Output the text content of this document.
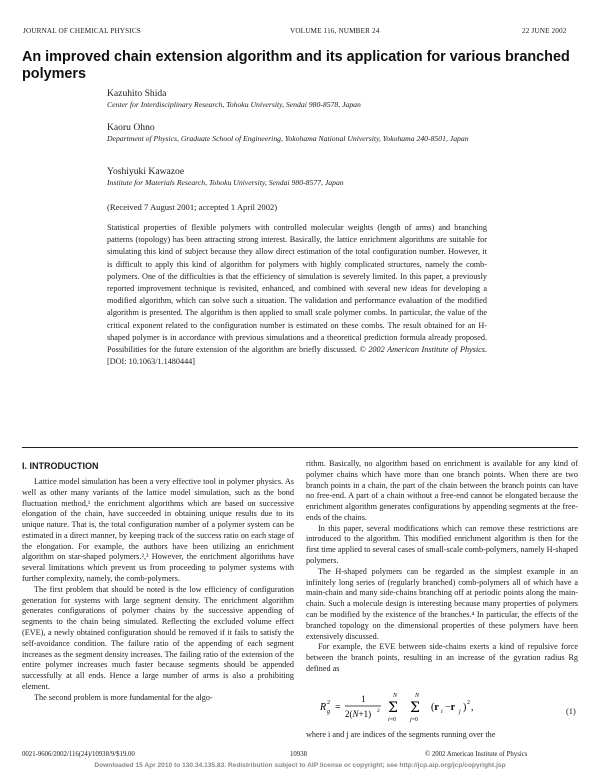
JOURNAL OF CHEMICAL PHYSICS	VOLUME 116, NUMBER 24	22 JUNE 2002
An improved chain extension algorithm and its application for various branched polymers
Kazuhito Shida
Center for Interdisciplinary Research, Tohoku University, Sendai 980-8578, Japan
Kaoru Ohno
Department of Physics, Graduate School of Engineering, Yokohama National University, Yokohama 240-8501, Japan
Yoshiyuki Kawazoe
Institute for Materials Research, Tohoku University, Sendai 980-8577, Japan
(Received 7 August 2001; accepted 1 April 2002)
Statistical properties of flexible polymers with controlled molecular weights (length of arms) and branching patterns (topology) has been attracting strong interest. Basically, the lattice enrichment algorithms are suitable for simulating this kind of subject because they allow direct estimation of the total configuration number. However, it is difficult to apply this kind of algorithm for polymers with highly complicated structures, namely the comb-polymers. One of the difficulties is that the efficiency of simulation is severely limited. In this paper, a previously reported improvement technique is revisited, enhanced, and combined with several new ideas for developing a modified algorithm, which can solve such a situation. The validation and performance evaluation of the modified algorithm is presented. The algorithm is then applied to small scale polymer combs. In particular, the value of the critical exponent related to the configuration number is estimated on these combs. The result obtained for an H-shaped polymer is in accordance with previous simulations and a theoretical prediction formula already proposed. Possibilities for the future extension of the algorithm are briefly discussed. © 2002 American Institute of Physics. [DOI: 10.1063/1.1480444]
I. INTRODUCTION

Lattice model simulation has been a very effective tool in polymer physics. As well as other many variants of the lattice model simulation, such as the bond fluctuation method,¹ the enrichment algorithms which are based on successive elongation of the chain, have succeeded in obtaining unique results due to its unique nature. That is, the total configuration number of a polymer system can be estimated in a direct manner, by keeping track of the success ratio on each stage of the elongation. For example, the authors have been utilizing an enrichment algorithm on star-shaped polymers.²,³ However, the enrichment algorithms have several limitations which prevent us from proceeding to polymer systems with further complexity, namely, the comb-polymers.

The first problem that should be noted is the low efficiency of configuration generation for systems with large segment density. The enrichment algorithm generates configurations of polymer chains by the successive appending of segments to the chain being simulated. Reflecting the excluded volume effect (EVE), a newly obtained configuration should be removed if it fails to satisfy the self-avoidance condition. The failure ratio of the appending of each segment increases as the segment density increases. The failing ratio of the extension of the entire polymer increases much faster because segments should be appended successfully at all ends. Hence a large number of arms is also a prohibiting element.

The second problem is more fundamental for the algo-

rithm. Basically, no algorithm based on enrichment is available for any kind of polymer chains which have more than one branch points. When there are two branch points in a chain, the part of the chain between the branch points can have no free-end. A part of a chain without a free-end cannot be elongated because the enrichment algorithm generates configurations by appending segments at the free-ends of the chains.

In this paper, several modifications which can remove these restrictions are introduced to the algorithm. This modified enrichment algorithm is then for the first time applied to several cases of small-scale comb-polymers, namely H-shaped polymers.

The H-shaped polymers can be regarded as the simplest example in an infinitely long series of (regularly branched) comb-polymers all of which have a main-chain and many side-chains branching off at periodic points along the main-chain. Such a molecule design is interesting because many properties of polymers can be modified by the existence of the branches.⁴ In particular, the effects of the branched topology on the dimensional properties of these polymers have been extensively discussed.

For example, the EVE between side-chains exerts a kind of repulsive force between the branch points, resulting in an increase of the gyration radius Rg defined as

R 2
g =
1
2(N+1) 2
N
Σ
i=0
N
Σ
j=0
(r i −r j ) 2 ,	(1)
where i and j are indices of the segments running over the
0021-9606/2002/116(24)/10938/9/$19.00	10938	© 2002 American Institute of Physics
Downloaded 15 Apr 2010 to 130.34.135.83. Redistribution subject to AIP license or copyright; see http://jcp.aip.org/jcp/copyright.jsp
